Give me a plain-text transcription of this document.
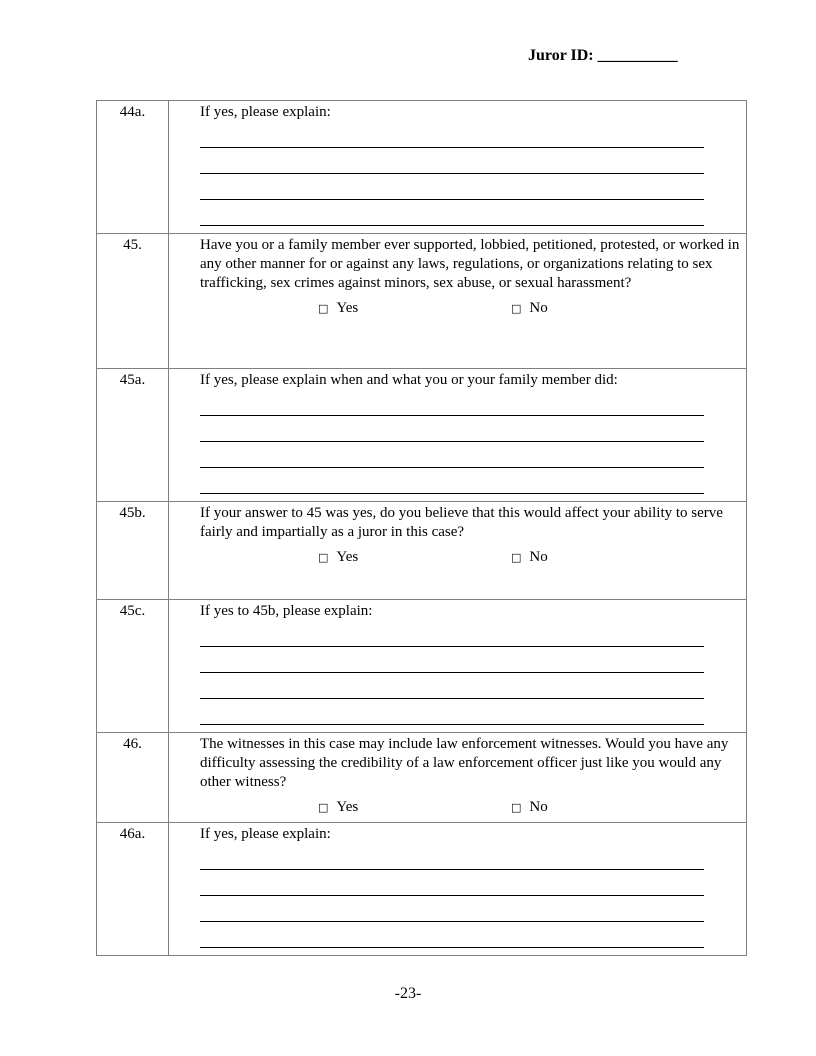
Juror ID: __________
44a.	If yes, please explain:

45.	Have you or a family member ever supported, lobbied, petitioned, protested, or worked in any other manner for or against any laws, regulations, or organizations relating to sex trafficking, sex crimes against minors, sex abuse, or sexual harassment?
□ Yes □ No

45a.	If yes, please explain when and what you or your family member did:

45b.	If your answer to 45 was yes, do you believe that this would affect your ability to serve fairly and impartially as a juror in this case?
□ Yes □ No

45c.	If yes to 45b, please explain:

46.	The witnesses in this case may include law enforcement witnesses. Would you have any difficulty assessing the credibility of a law enforcement officer just like you would any other witness?
□ Yes □ No

46a.	If yes, please explain:
-23-
